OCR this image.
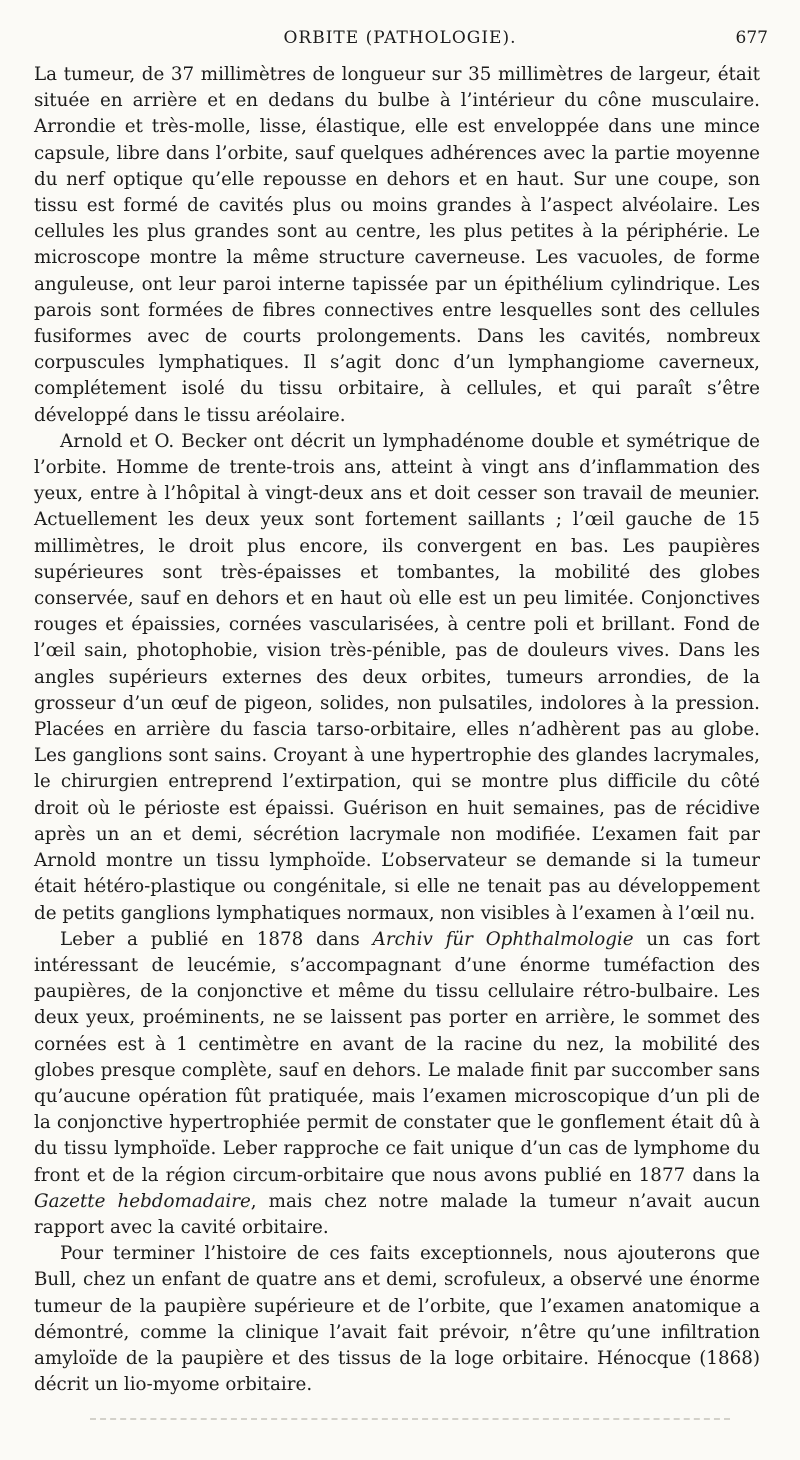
ORBITE (PATHOLOGIE).	677

La tumeur, de 37 millimètres de longueur sur 35 millimètres de largeur, était située en arrière et en dedans du bulbe à l’intérieur du cône musculaire. Arrondie et très-molle, lisse, élastique, elle est enveloppée dans une mince capsule, libre dans l’orbite, sauf quelques adhérences avec la partie moyenne du nerf optique qu’elle repousse en dehors et en haut. Sur une coupe, son tissu est formé de cavités plus ou moins grandes à l’aspect alvéolaire. Les cellules les plus grandes sont au centre, les plus petites à la périphérie. Le microscope montre la même structure caverneuse. Les vacuoles, de forme anguleuse, ont leur paroi interne tapissée par un épithélium cylindrique. Les parois sont formées de fibres connectives entre lesquelles sont des cellules fusiformes avec de courts prolongements. Dans les cavités, nombreux corpuscules lymphatiques. Il s’agit donc d’un lymphangiome caverneux, complétement isolé du tissu orbitaire, à cellules, et qui paraît s’être développé dans le tissu aréolaire.

Arnold et O. Becker ont décrit un lymphadénome double et symétrique de l’orbite. Homme de trente-trois ans, atteint à vingt ans d’inflammation des yeux, entre à l’hôpital à vingt-deux ans et doit cesser son travail de meunier. Actuellement les deux yeux sont fortement saillants ; l’œil gauche de 15 millimètres, le droit plus encore, ils convergent en bas. Les paupières supérieures sont très-épaisses et tombantes, la mobilité des globes conservée, sauf en dehors et en haut où elle est un peu limitée. Conjonctives rouges et épaissies, cornées vascularisées, à centre poli et brillant. Fond de l’œil sain, photophobie, vision très-pénible, pas de douleurs vives. Dans les angles supérieurs externes des deux orbites, tumeurs arrondies, de la grosseur d’un œuf de pigeon, solides, non pulsatiles, indolores à la pression. Placées en arrière du fascia tarso-orbitaire, elles n’adhèrent pas au globe. Les ganglions sont sains. Croyant à une hypertrophie des glandes lacrymales, le chirurgien entreprend l’extirpation, qui se montre plus difficile du côté droit où le périoste est épaissi. Guérison en huit semaines, pas de récidive après un an et demi, sécrétion lacrymale non modifiée. L’examen fait par Arnold montre un tissu lymphoïde. L’observateur se demande si la tumeur était hétéro-plastique ou congénitale, si elle ne tenait pas au développement de petits ganglions lymphatiques normaux, non visibles à l’examen à l’œil nu.

Leber a publié en 1878 dans Archiv für Ophthalmologie un cas fort intéressant de leucémie, s’accompagnant d’une énorme tuméfaction des paupières, de la conjonctive et même du tissu cellulaire rétro-bulbaire. Les deux yeux, proéminents, ne se laissent pas porter en arrière, le sommet des cornées est à 1 centimètre en avant de la racine du nez, la mobilité des globes presque complète, sauf en dehors. Le malade finit par succomber sans qu’aucune opération fût pratiquée, mais l’examen microscopique d’un pli de la conjonctive hypertrophiée permit de constater que le gonflement était dû à du tissu lymphoïde. Leber rapproche ce fait unique d’un cas de lymphome du front et de la région circum-orbitaire que nous avons publié en 1877 dans la Gazette hebdomadaire, mais chez notre malade la tumeur n’avait aucun rapport avec la cavité orbitaire.

Pour terminer l’histoire de ces faits exceptionnels, nous ajouterons que Bull, chez un enfant de quatre ans et demi, scrofuleux, a observé une énorme tumeur de la paupière supérieure et de l’orbite, que l’examen anatomique a démontré, comme la clinique l’avait fait prévoir, n’être qu’une infiltration amyloïde de la paupière et des tissus de la loge orbitaire. Hénocque (1868) décrit un lio-myome orbitaire.
